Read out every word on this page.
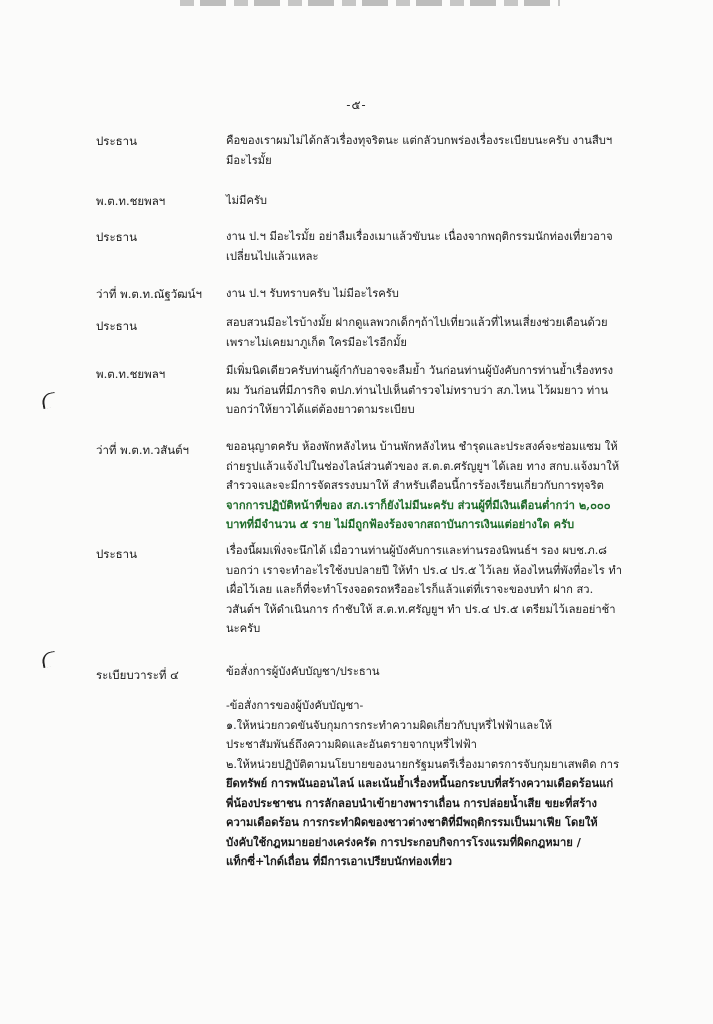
-๕-
ประธาน	คือของเราผมไม่ได้กลัวเรื่องทุจริตนะ แต่กลัวบกพร่องเรื่องระเบียบนะครับ งานสืบฯ

มีอะไรมั้ย

พ.ต.ท.ชยพลฯ	ไม่มีครับ

ประธาน	งาน ป.ฯ มีอะไรมั้ย อย่าลืมเรื่องเมาแล้วขับนะ เนื่องจากพฤติกรรมนักท่องเที่ยวอาจ

เปลี่ยนไปแล้วแหละ

ว่าที่ พ.ต.ท.ณัฐวัฒน์ฯ	งาน ป.ฯ รับทราบครับ ไม่มีอะไรครับ

ประธาน	สอบสวนมีอะไรบ้างมั้ย ฝากดูแลพวกเด็กๆถ้าไปเที่ยวแล้วที่ไหนเสี่ยงช่วยเตือนด้วย

เพราะไม่เคยมาภูเก็ต ใครมีอะไรอีกมั้ย

พ.ต.ท.ชยพลฯ	มีเพิ่มนิดเดียวครับท่านผู้กำกับอาจจะลืมย้ำ วันก่อนท่านผู้บังคับการท่านย้ำเรื่องทรง

ผม วันก่อนที่มีภารกิจ ตปภ.ท่านไปเห็นตำรวจไม่ทราบว่า สภ.ไหน ไว้ผมยาว ท่าน

บอกว่าให้ยาวได้แต่ต้องยาวตามระเบียบ

ว่าที่ พ.ต.ท.วสันต์ฯ	ขออนุญาตครับ ห้องพักหลังไหน บ้านพักหลังไหน ชำรุดและประสงค์จะซ่อมแซม ให้

ถ่ายรูปแล้วแจ้งไปในช่องไลน์ส่วนตัวของ ส.ต.ต.ศรัญยูฯ ได้เลย ทาง สกบ.แจ้งมาให้

สำรวจและจะมีการจัดสรรงบมาให้ สำหรับเดือนนี้การร้องเรียนเกี่ยวกับการทุจริต

จากการปฏิบัติหน้าที่ของ สภ.เราก็ยังไม่มีนะครับ ส่วนผู้ที่มีเงินเดือนต่ำกว่า ๒,๐๐๐

บาทที่มีจำนวน ๕ ราย ไม่มีถูกฟ้องร้องจากสถาบันการเงินแต่อย่างใด ครับ

ประธาน	เรื่องนี้ผมเพิ่งจะนึกได้ เมื่อวานท่านผู้บังคับการและท่านรองนิพนธ์ฯ รอง ผบช.ภ.๘

บอกว่า เราจะทำอะไรใช้งบปลายปี ให้ทำ ปร.๔ ปร.๕ ไว้เลย ห้องไหนที่พังที่อะไร ทำ

เผื่อไว้เลย และก็ที่จะทำโรงจอดรถหรืออะไรก็แล้วแต่ที่เราจะของบทำ ฝาก สว.

วสันต์ฯ ให้ดำเนินการ กำชับให้ ส.ต.ท.ศรัญยูฯ ทำ ปร.๔ ปร.๕ เตรียมไว้เลยอย่าช้า

นะครับ

ระเบียบวาระที่ ๔	ข้อสั่งการผู้บังคับบัญชา/ประธาน

-ข้อสั่งการของผู้บังคับบัญชา-

๑.ให้หน่วยกวดขันจับกุมการกระทำความผิดเกี่ยวกับบุหรี่ไฟฟ้าและให้

ประชาสัมพันธ์ถึงความผิดและอันตรายจากบุหรี่ไฟฟ้า

๒.ให้หน่วยปฏิบัติตามนโยบายของนายกรัฐมนตรีเรื่องมาตรการจับกุมยาเสพติด การ

ยึดทรัพย์ การพนันออนไลน์ และเน้นย้ำเรื่องหนี้นอกระบบที่สร้างความเดือดร้อนแก่

พี่น้องประชาชน การลักลอบนำเข้ายางพาราเถื่อน การปล่อยน้ำเสีย ขยะที่สร้าง

ความเดือดร้อน การกระทำผิดของชาวต่างชาติที่มีพฤติกรรมเป็นมาเฟีย โดยให้

บังคับใช้กฎหมายอย่างเคร่งครัด การประกอบกิจการโรงแรมที่ผิดกฎหมาย /

แท็กซี่+ไกด์เถื่อน ที่มีการเอาเปรียบนักท่องเที่ยว
